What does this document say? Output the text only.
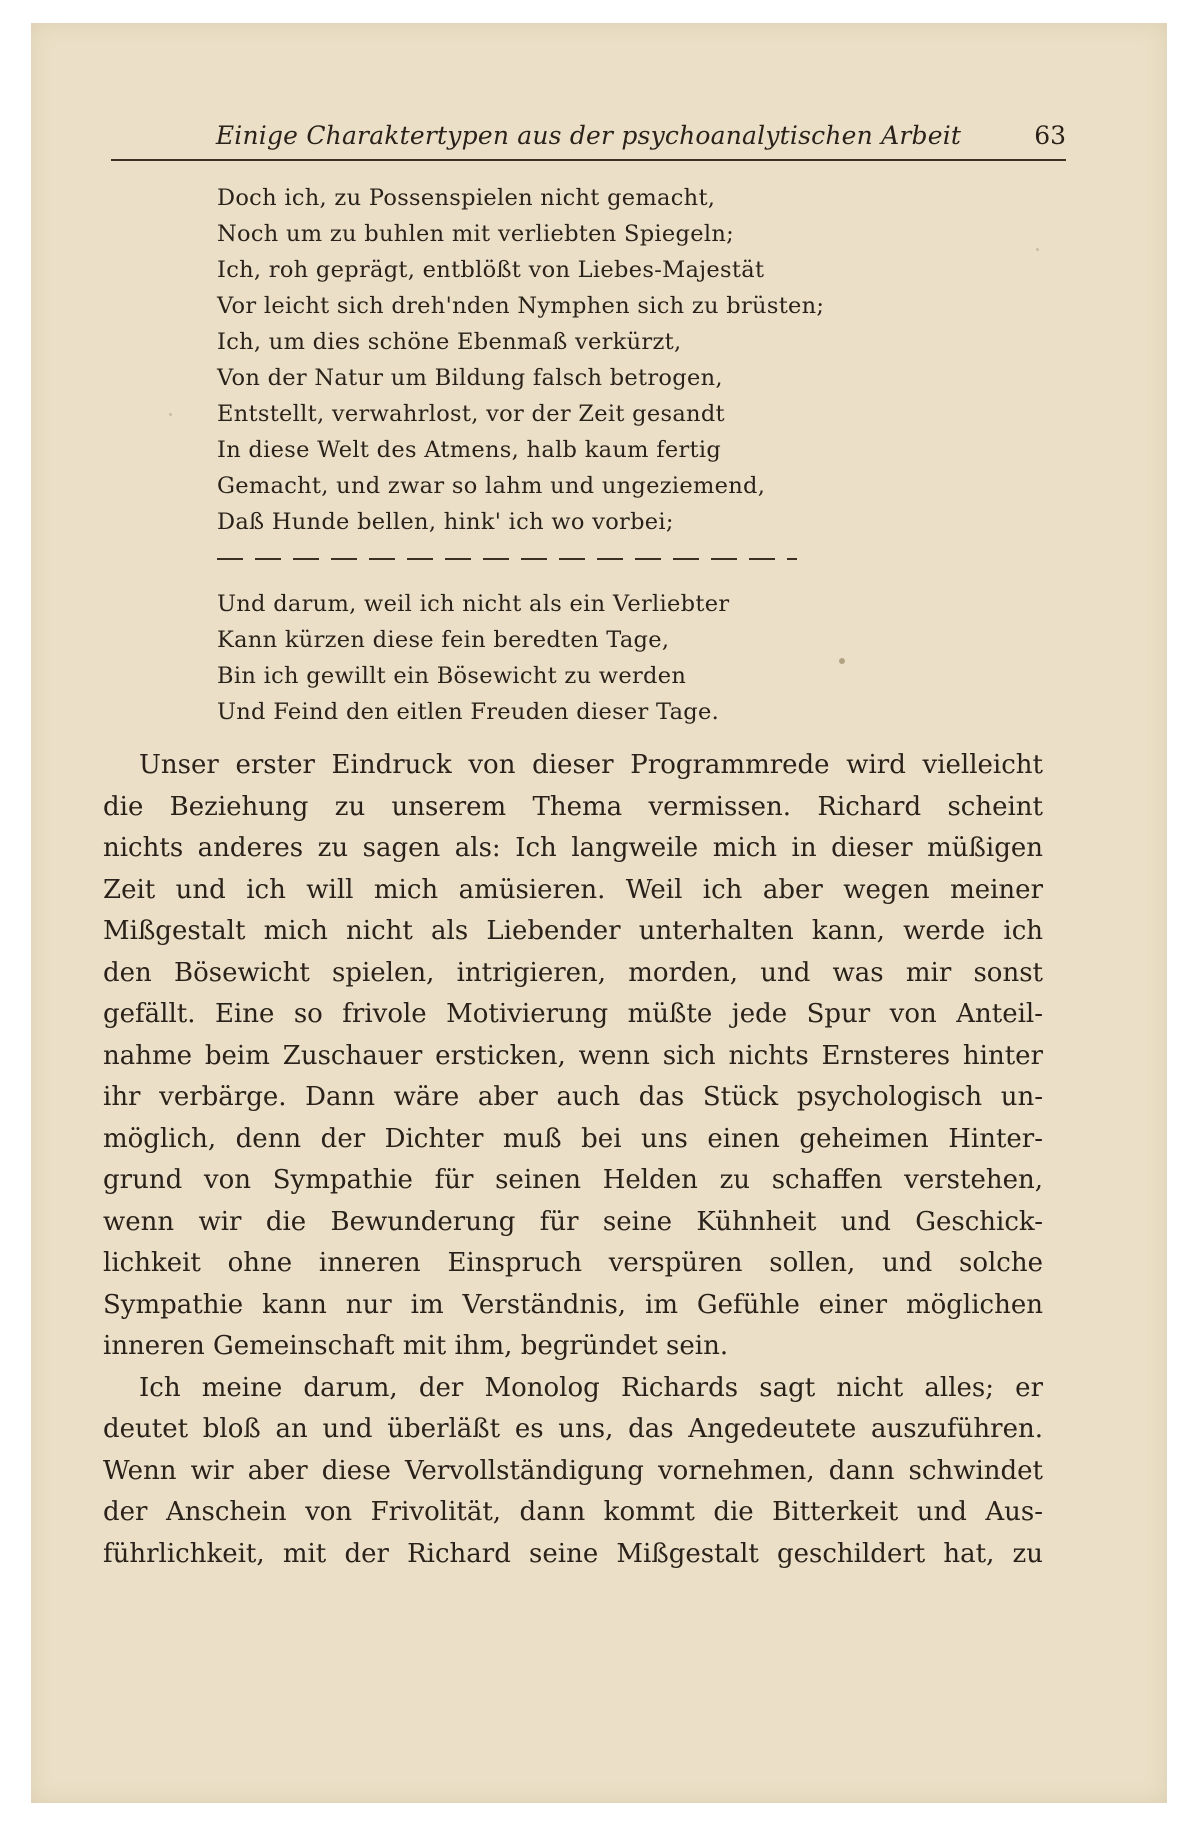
Einige Charaktertypen aus der psychoanalytischen Arbeit	63
Doch ich, zu Possenspielen nicht gemacht,
Noch um zu buhlen mit verliebten Spiegeln;
Ich, roh geprägt, entblößt von Liebes-Majestät
Vor leicht sich dreh'nden Nymphen sich zu brüsten;
Ich, um dies schöne Ebenmaß verkürzt,
Von der Natur um Bildung falsch betrogen,
Entstellt, verwahrlost, vor der Zeit gesandt
In diese Welt des Atmens, halb kaum fertig
Gemacht, und zwar so lahm und ungeziemend,
Daß Hunde bellen, hink' ich wo vorbei;
Und darum, weil ich nicht als ein Verliebter
Kann kürzen diese fein beredten Tage,
Bin ich gewillt ein Bösewicht zu werden
Und Feind den eitlen Freuden dieser Tage.
Unser erster Eindruck von dieser Programmrede wird vielleicht
die Beziehung zu unserem Thema vermissen. Richard scheint
nichts anderes zu sagen als: Ich langweile mich in dieser müßigen
Zeit und ich will mich amüsieren. Weil ich aber wegen meiner
Mißgestalt mich nicht als Liebender unterhalten kann, werde ich
den Bösewicht spielen, intrigieren, morden, und was mir sonst
gefällt. Eine so frivole Motivierung müßte jede Spur von Anteil-
nahme beim Zuschauer ersticken, wenn sich nichts Ernsteres hinter
ihr verbärge. Dann wäre aber auch das Stück psychologisch un-
möglich, denn der Dichter muß bei uns einen geheimen Hinter-
grund von Sympathie für seinen Helden zu schaffen verstehen,
wenn wir die Bewunderung für seine Kühnheit und Geschick-
lichkeit ohne inneren Einspruch verspüren sollen, und solche
Sympathie kann nur im Verständnis, im Gefühle einer möglichen
inneren Gemeinschaft mit ihm, begründet sein.
Ich meine darum, der Monolog Richards sagt nicht alles; er
deutet bloß an und überläßt es uns, das Angedeutete auszuführen.
Wenn wir aber diese Vervollständigung vornehmen, dann schwindet
der Anschein von Frivolität, dann kommt die Bitterkeit und Aus-
führlichkeit, mit der Richard seine Mißgestalt geschildert hat, zu
